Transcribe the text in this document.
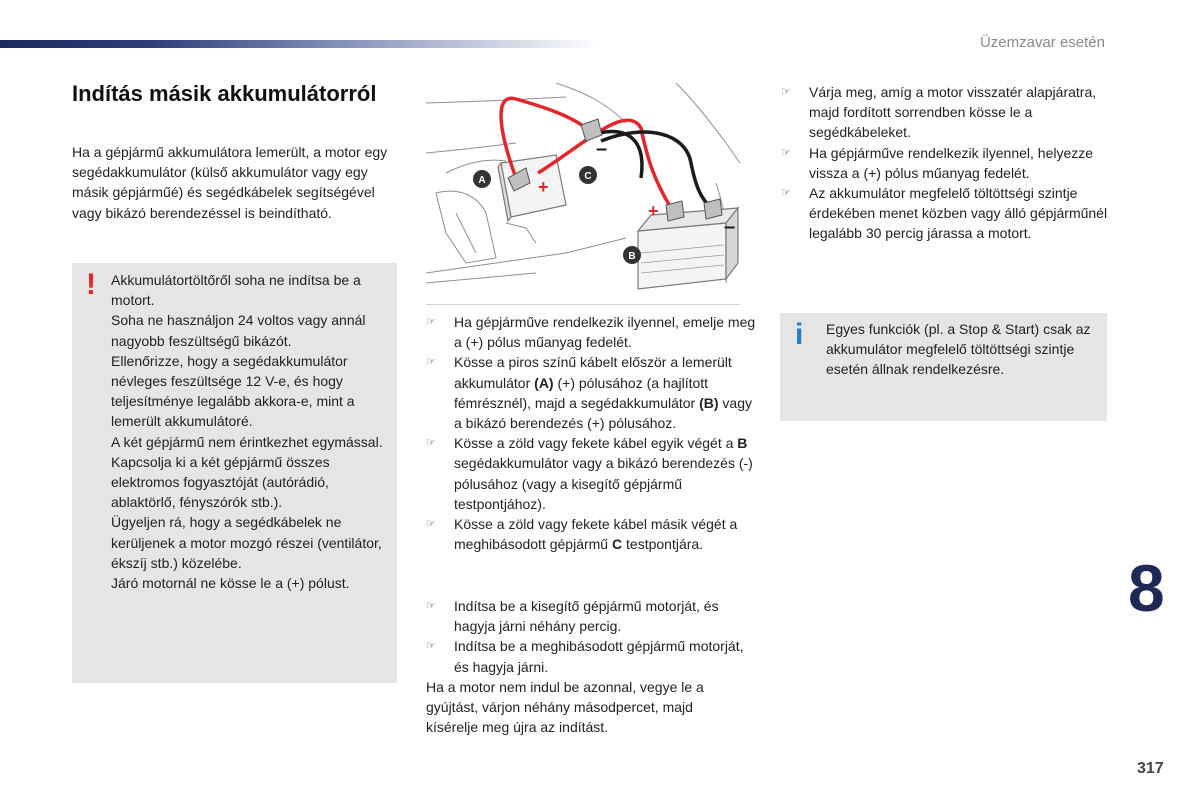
Üzemzavar esetén
Indítás másik akkumulátorról

Ha a gépjármű akkumulátora lemerült, a motor egy segédakkumulátor (külső akkumulátor vagy egy másik gépjárműé) és segédkábelek segítségével vagy bikázó berendezéssel is beindítható.

! Akkumulátortöltőről soha ne indítsa be a motort.

Soha ne használjon 24 voltos vagy annál nagyobb feszültségű bikázót.

Ellenőrizze, hogy a segédakkumulátor névleges feszültsége 12 V-e, és hogy teljesítménye legalább akkora-e, mint a lemerült akkumulátoré.

A két gépjármű nem érintkezhet egymással.

Kapcsolja ki a két gépjármű összes elektromos fogyasztóját (autórádió, ablaktörlő, fényszórók stb.).

Ügyeljen rá, hogy a segédkábelek ne kerüljenek a motor mozgó részei (ventilátor, ékszíj stb.) közelébe.

Járó motornál ne kösse le a (+) pólust.

+
+
–
–
A	C
B
☞ Ha gépjárműve rendelkezik ilyennel, emelje meg a (+) pólus műanyag fedelét.
☞ Kösse a piros színű kábelt először a lemerült akkumulátor (A) (+) pólusához (a hajlított fémrésznél), majd a segédakkumulátor (B) vagy a bikázó berendezés (+) pólusához.
☞ Kösse a zöld vagy fekete kábel egyik végét a B segédakkumulátor vagy a bikázó berendezés (-) pólusához (vagy a kisegítő gépjármű testpontjához).
☞ Kösse a zöld vagy fekete kábel másik végét a meghibásodott gépjármű C testpontjára.
☞ Indítsa be a kisegítő gépjármű motorját, és hagyja járni néhány percig.
☞ Indítsa be a meghibásodott gépjármű motorját, és hagyja járni.

Ha a motor nem indul be azonnal, vegye le a gyújtást, várjon néhány másodpercet, majd kísérelje meg újra az indítást.

☞ Várja meg, amíg a motor visszatér alapjáratra, majd fordított sorrendben kösse le a segédkábeleket.
☞ Ha gépjárműve rendelkezik ilyennel, helyezze vissza a (+) pólus műanyag fedelét.
☞ Az akkumulátor megfelelő töltöttségi szintje érdekében menet közben vagy álló gépjárműnél legalább 30 percig járassa a motort.
i Egyes funkciók (pl. a Stop & Start) csak az akkumulátor megfelelő töltöttségi szintje esetén állnak rendelkezésre.

8
317
